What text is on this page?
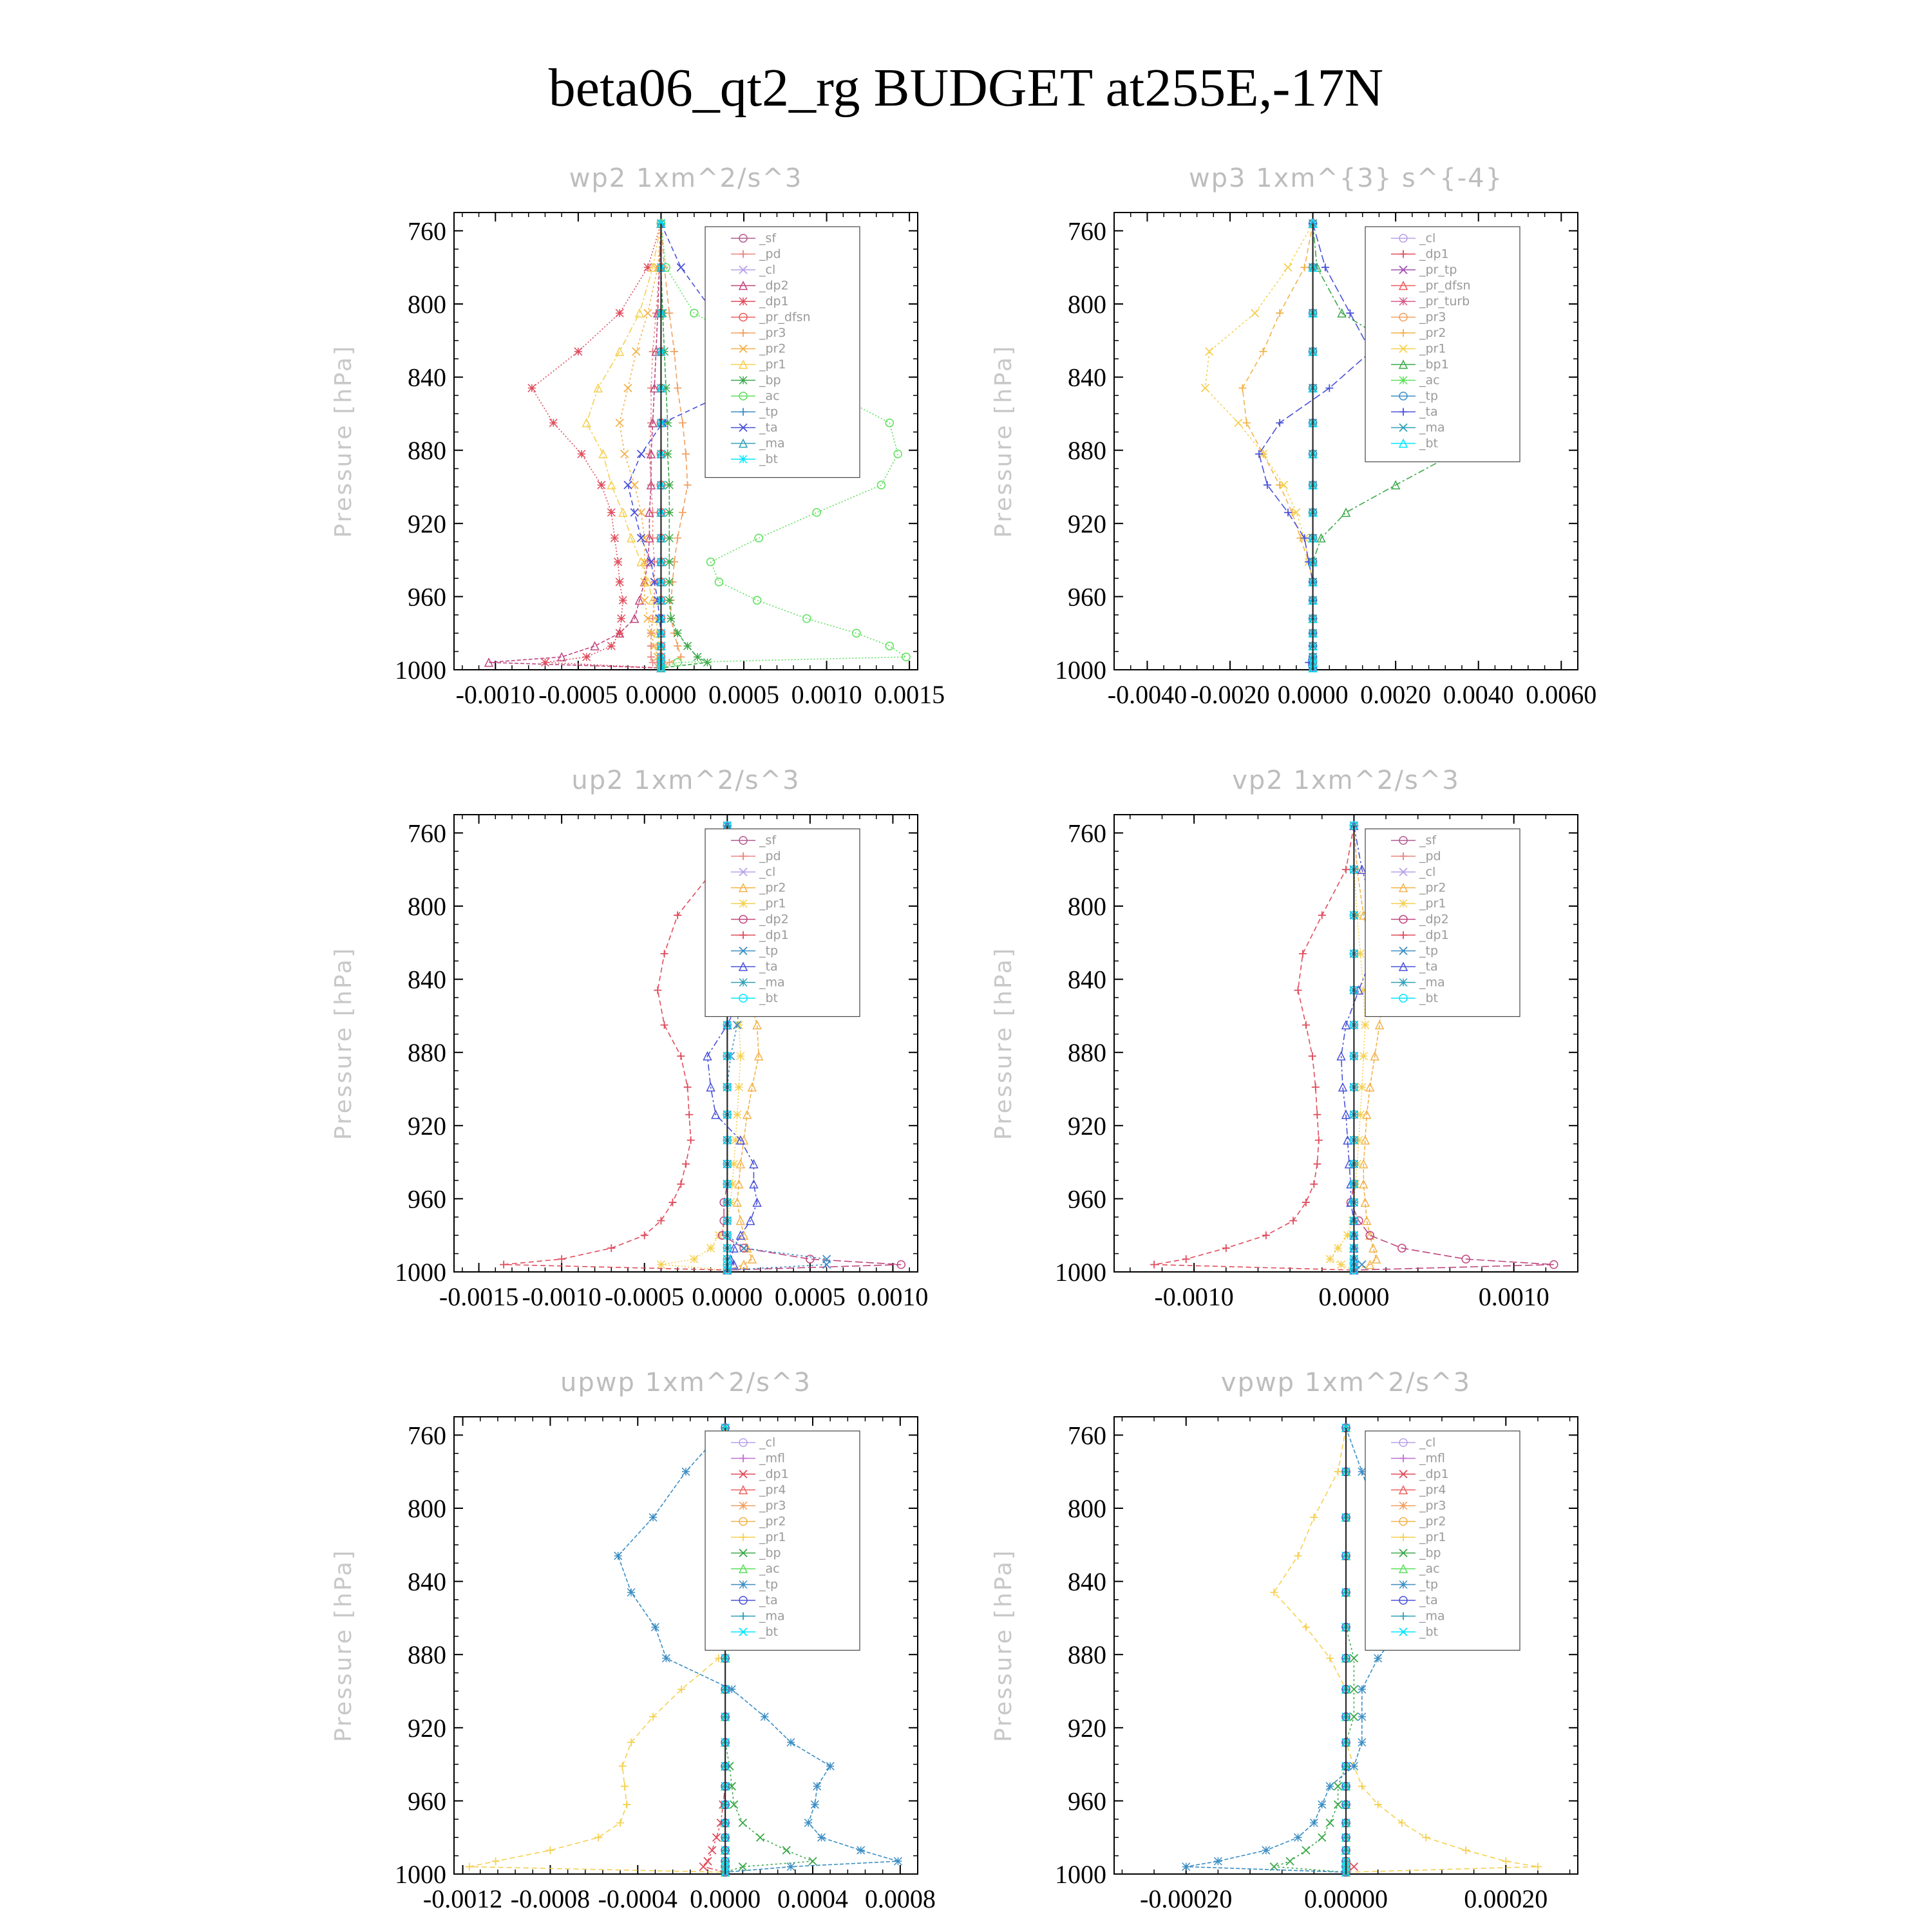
beta06_qt2_rg BUDGET at255E,-17N
wp2 1xm^2/s^3
Pressure [hPa]
760
800
840
880
920
960
1000
-0.0010 -0.0005 0.0000 0.0005 0.0010 0.0015
_sf
_pd
_cl
_dp2
_dp1
_pr_dfsn
_pr3
_pr2
_pr1
_bp
_ac
_tp
_ta
_ma
_bt
wp3 1xm^{3} s^{-4}
Pressure [hPa]
760
800
840
880
920
960
1000
-0.0040 -0.0020 0.0000 0.0020 0.0040 0.0060
_cl
_dp1
_pr_tp
_pr_dfsn
_pr_turb
_pr3
_pr2
_pr1
_bp1
_ac
_tp
_ta
_ma
_bt
up2 1xm^2/s^3
Pressure [hPa]
760
800
840
880
920
960
1000
-0.0015 -0.0010 -0.0005 0.0000 0.0005 0.0010
_sf
_pd
_cl
_pr2
_pr1
_dp2
_dp1
_tp
_ta
_ma
_bt
vp2 1xm^2/s^3
Pressure [hPa]
760
800
840
880
920
960
1000
-0.0010	0.0000	0.0010
_sf
_pd
_cl
_pr2
_pr1
_dp2
_dp1
_tp
_ta
_ma
_bt
upwp 1xm^2/s^3
Pressure [hPa]
760
800
840
880
920
960
1000
-0.0012 -0.0008 -0.0004 0.0000 0.0004 0.0008
_cl
_mfl
_dp1
_pr4
_pr3
_pr2
_pr1
_bp
_ac
_tp
_ta
_ma
_bt
vpwp 1xm^2/s^3
Pressure [hPa]
760
800
840
880
920
960
1000
-0.00020	0.00000	0.00020
_cl
_mfl
_dp1
_pr4
_pr3
_pr2
_pr1
_bp
_ac
_tp
_ta
_ma
_bt
